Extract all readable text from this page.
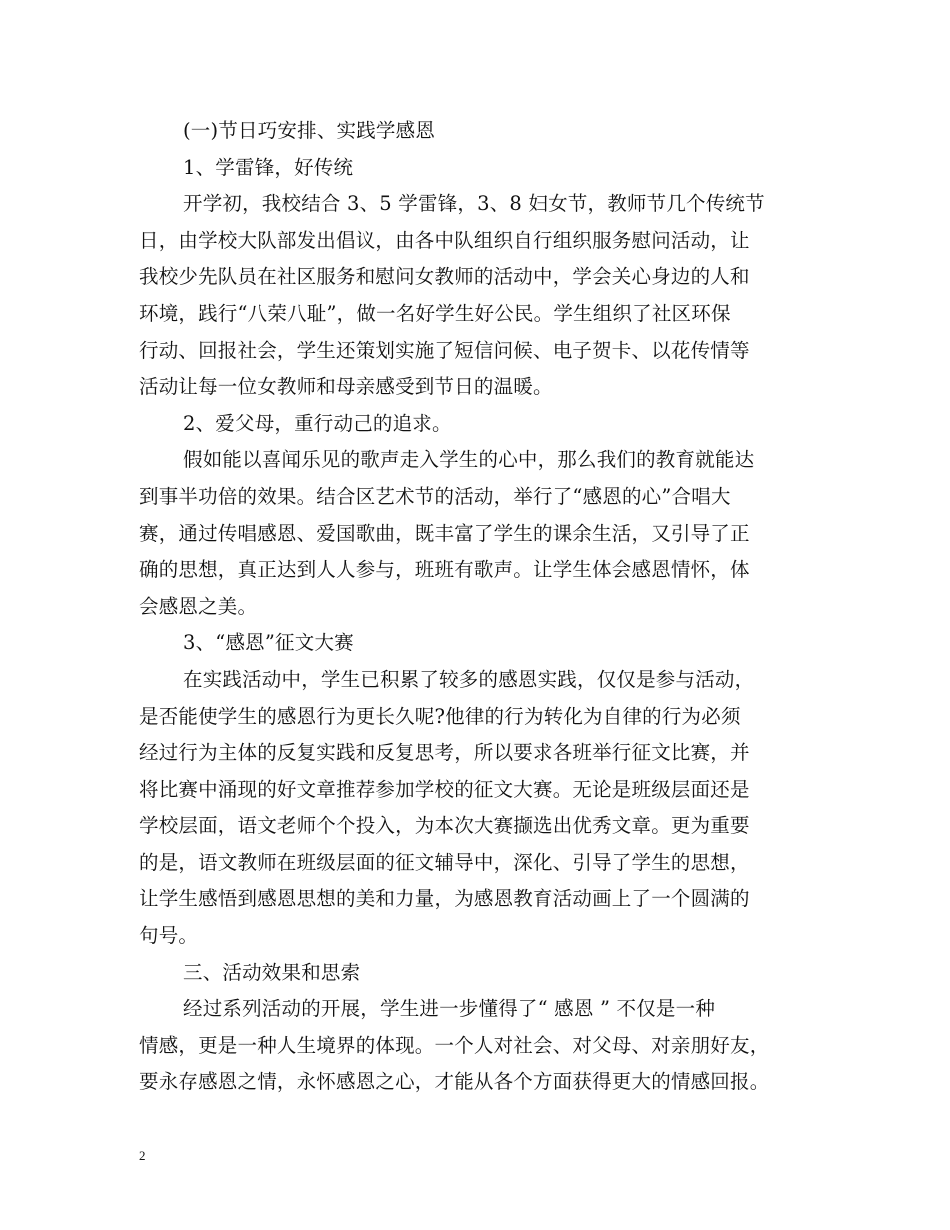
(一)节日巧安排、实践学感恩
1、学雷锋，好传统
开学初，我校结合 3、5 学雷锋，3、8 妇女节，教师节几个传统节
日，由学校大队部发出倡议，由各中队组织自行组织服务慰问活动，让
我校少先队员在社区服务和慰问女教师的活动中，学会关心身边的人和
环境，践行“八荣八耻”，做一名好学生好公民。学生组织了社区环保
行动、回报社会，学生还策划实施了短信问候、电子贺卡、以花传情等
活动让每一位女教师和母亲感受到节日的温暖。
2、爱父母，重行动己的追求。
假如能以喜闻乐见的歌声走入学生的心中，那么我们的教育就能达
到事半功倍的效果。结合区艺术节的活动，举行了“感恩的心”合唱大
赛，通过传唱感恩、爱国歌曲，既丰富了学生的课余生活，又引导了正
确的思想，真正达到人人参与，班班有歌声。让学生体会感恩情怀，体
会感恩之美。
3、“感恩”征文大赛
在实践活动中，学生已积累了较多的感恩实践，仅仅是参与活动，
是否能使学生的感恩行为更长久呢?他律的行为转化为自律的行为必须
经过行为主体的反复实践和反复思考，所以要求各班举行征文比赛，并
将比赛中涌现的好文章推荐参加学校的征文大赛。无论是班级层面还是
学校层面，语文老师个个投入，为本次大赛撷选出优秀文章。更为重要
的是，语文教师在班级层面的征文辅导中，深化、引导了学生的思想，
让学生感悟到感恩思想的美和力量，为感恩教育活动画上了一个圆满的
句号。
三、活动效果和思索
经过系列活动的开展，学生进一步懂得了“ 感恩 ” 不仅是一种
情感，更是一种人生境界的体现。一个人对社会、对父母、对亲朋好友，
要永存感恩之情，永怀感恩之心，才能从各个方面获得更大的情感回报。
2
